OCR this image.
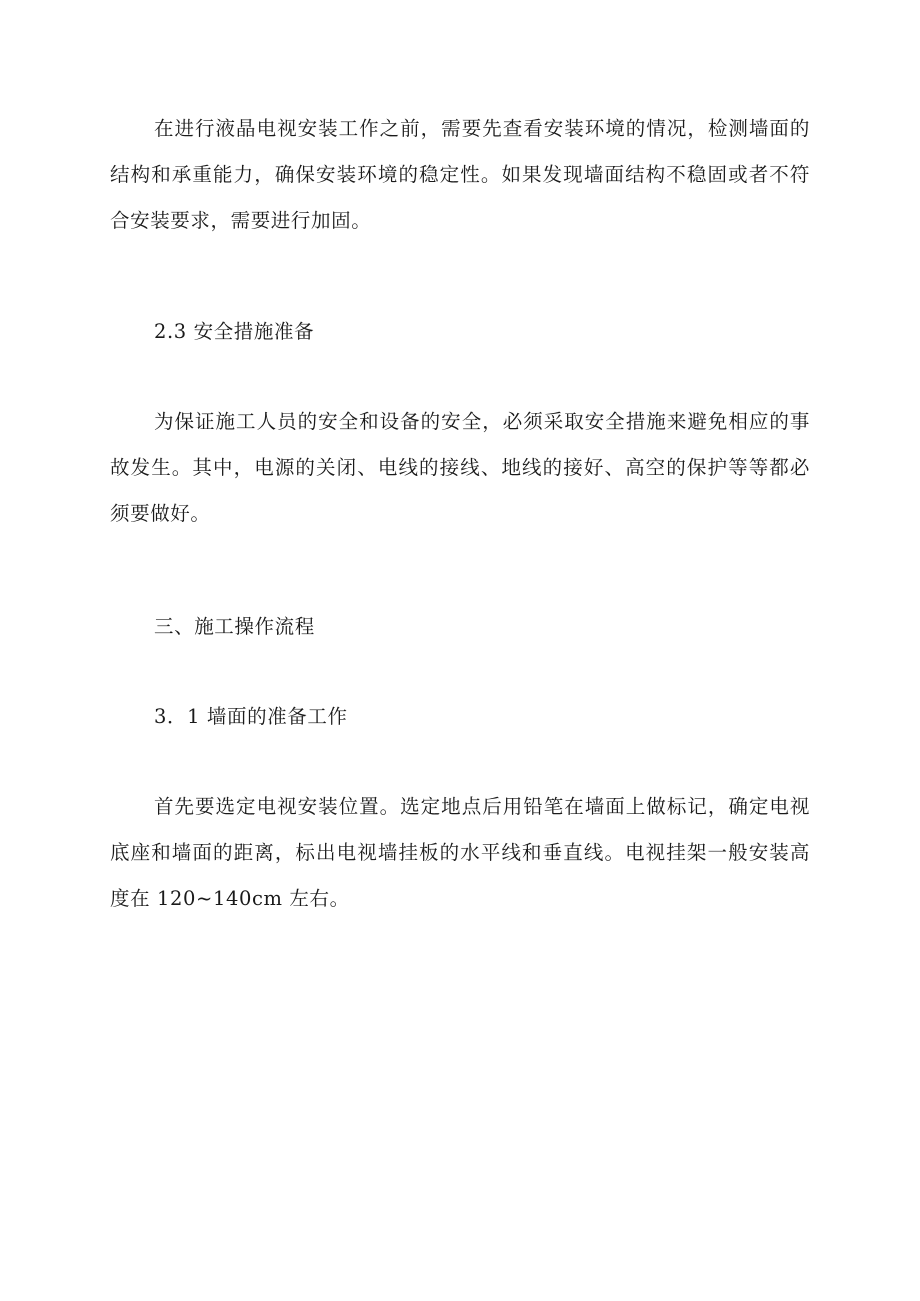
在进行液晶电视安装工作之前，需要先查看安装环境的情况，检测墙面的结构和承重能力，确保安装环境的稳定性。如果发现墙面结构不稳固或者不符合安装要求，需要进行加固。

2.3 安全措施准备

为保证施工人员的安全和设备的安全，必须采取安全措施来避免相应的事故发生。其中，电源的关闭、电线的接线、地线的接好、高空的保护等等都必须要做好。

三、施工操作流程
3．1 墙面的准备工作

首先要选定电视安装位置。选定地点后用铅笔在墙面上做标记，确定电视底座和墙面的距离，标出电视墙挂板的水平线和垂直线。电视挂架一般安装高度在 120~140cm 左右。
